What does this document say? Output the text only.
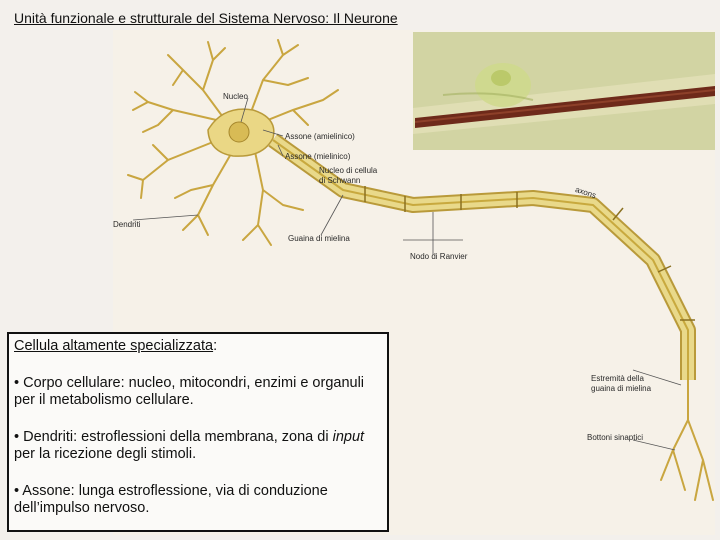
Unità funzionale e strutturale del Sistema Nervoso: Il Neurone
Nucleo
Assone (amielinico)
Assone (mielinico)
Nucleo di cellula
di Schwann
axons
Dendriti
Guaina di mielina
Nodo di Ranvier
Estremità della
guaina di mielina
Bottoni sinaptici

Cellula altamente specializzata:

• Corpo cellulare: nucleo, mitocondri, enzimi e organuli per il metabolismo cellulare.

• Dendriti: estroflessioni della membrana, zona di input per la ricezione degli stimoli.

• Assone: lunga estroflessione, via di conduzione dell’impulso nervoso.
